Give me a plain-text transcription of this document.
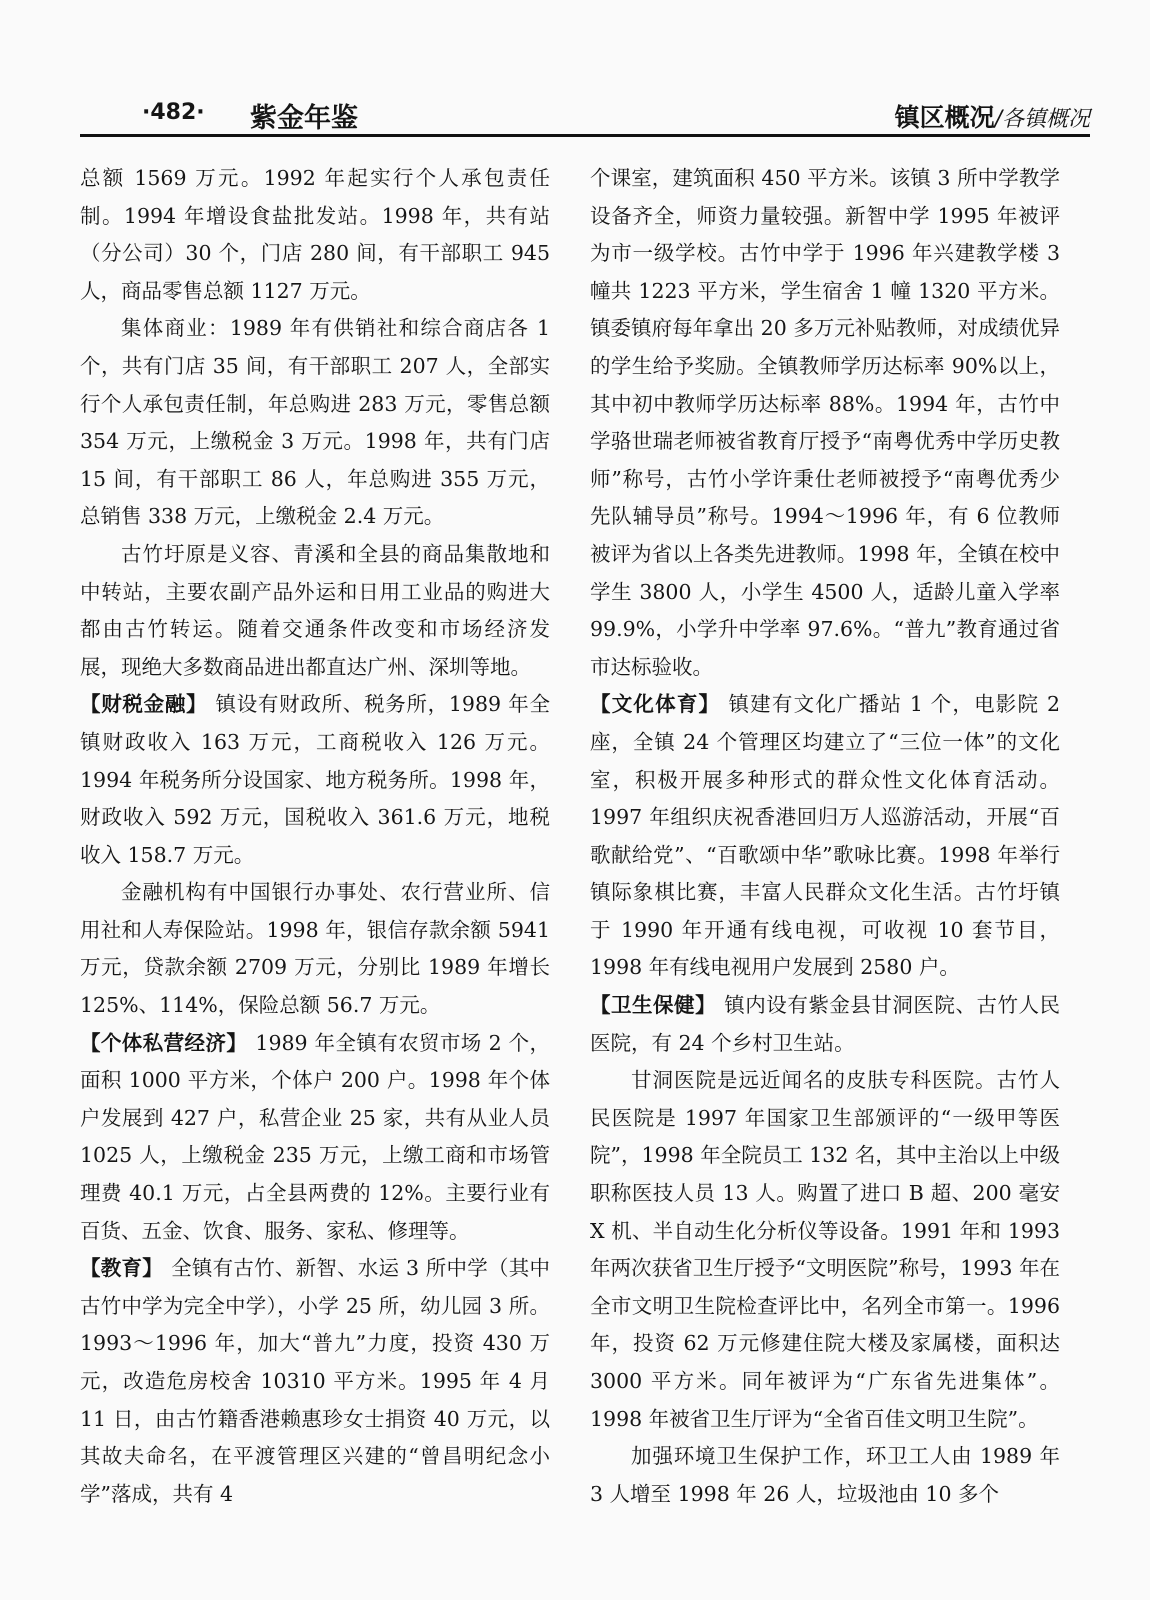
·482· 紫金年鉴	镇区概况/各镇概况

总额 1569 万元。1992 年起实行个人承包责任制。1994 年增设食盐批发站。1998 年，共有站（分公司）30 个，门店 280 间，有干部职工 945 人，商品零售总额 1127 万元。

集体商业：1989 年有供销社和综合商店各 1 个，共有门店 35 间，有干部职工 207 人，全部实行个人承包责任制，年总购进 283 万元，零售总额 354 万元，上缴税金 3 万元。1998 年，共有门店 15 间，有干部职工 86 人，年总购进 355 万元，总销售 338 万元，上缴税金 2.4 万元。

古竹圩原是义容、青溪和全县的商品集散地和中转站，主要农副产品外运和日用工业品的购进大都由古竹转运。随着交通条件改变和市场经济发展，现绝大多数商品进出都直达广州、深圳等地。

【财税金融】 镇设有财政所、税务所，1989 年全镇财政收入 163 万元，工商税收入 126 万元。1994 年税务所分设国家、地方税务所。1998 年，财政收入 592 万元，国税收入 361.6 万元，地税收入 158.7 万元。

金融机构有中国银行办事处、农行营业所、信用社和人寿保险站。1998 年，银信存款余额 5941 万元，贷款余额 2709 万元，分别比 1989 年增长 125%、114%，保险总额 56.7 万元。

【个体私营经济】 1989 年全镇有农贸市场 2 个，面积 1000 平方米，个体户 200 户。1998 年个体户发展到 427 户，私营企业 25 家，共有从业人员 1025 人，上缴税金 235 万元，上缴工商和市场管理费 40.1 万元，占全县两费的 12%。主要行业有百货、五金、饮食、服务、家私、修理等。

【教育】 全镇有古竹、新智、水运 3 所中学（其中古竹中学为完全中学），小学 25 所，幼儿园 3 所。1993～1996 年，加大“普九”力度，投资 430 万元，改造危房校舍 10310 平方米。1995 年 4 月 11 日，由古竹籍香港赖惠珍女士捐资 40 万元，以其故夫命名，在平渡管理区兴建的“曾昌明纪念小学”落成，共有 4

个课室，建筑面积 450 平方米。该镇 3 所中学教学设备齐全，师资力量较强。新智中学 1995 年被评为市一级学校。古竹中学于 1996 年兴建教学楼 3 幢共 1223 平方米，学生宿舍 1 幢 1320 平方米。镇委镇府每年拿出 20 多万元补贴教师，对成绩优异的学生给予奖励。全镇教师学历达标率 90%以上，其中初中教师学历达标率 88%。1994 年，古竹中学骆世瑞老师被省教育厅授予“南粤优秀中学历史教师”称号，古竹小学许秉仕老师被授予“南粤优秀少先队辅导员”称号。1994～1996 年，有 6 位教师被评为省以上各类先进教师。1998 年，全镇在校中学生 3800 人，小学生 4500 人，适龄儿童入学率 99.9%，小学升中学率 97.6%。“普九”教育通过省市达标验收。

【文化体育】 镇建有文化广播站 1 个，电影院 2 座，全镇 24 个管理区均建立了“三位一体”的文化室，积极开展多种形式的群众性文化体育活动。1997 年组织庆祝香港回归万人巡游活动，开展“百歌献给党”、“百歌颂中华”歌咏比赛。1998 年举行镇际象棋比赛，丰富人民群众文化生活。古竹圩镇于 1990 年开通有线电视，可收视 10 套节目，1998 年有线电视用户发展到 2580 户。

【卫生保健】 镇内设有紫金县甘洞医院、古竹人民医院，有 24 个乡村卫生站。

甘洞医院是远近闻名的皮肤专科医院。古竹人民医院是 1997 年国家卫生部颁评的“一级甲等医院”，1998 年全院员工 132 名，其中主治以上中级职称医技人员 13 人。购置了进口 B 超、200 毫安 X 机、半自动生化分析仪等设备。1991 年和 1993 年两次获省卫生厅授予“文明医院”称号，1993 年在全市文明卫生院检查评比中，名列全市第一。1996 年，投资 62 万元修建住院大楼及家属楼，面积达 3000 平方米。同年被评为“广东省先进集体”。1998 年被省卫生厅评为“全省百佳文明卫生院”。

加强环境卫生保护工作，环卫工人由 1989 年 3 人增至 1998 年 26 人，垃圾池由 10 多个
